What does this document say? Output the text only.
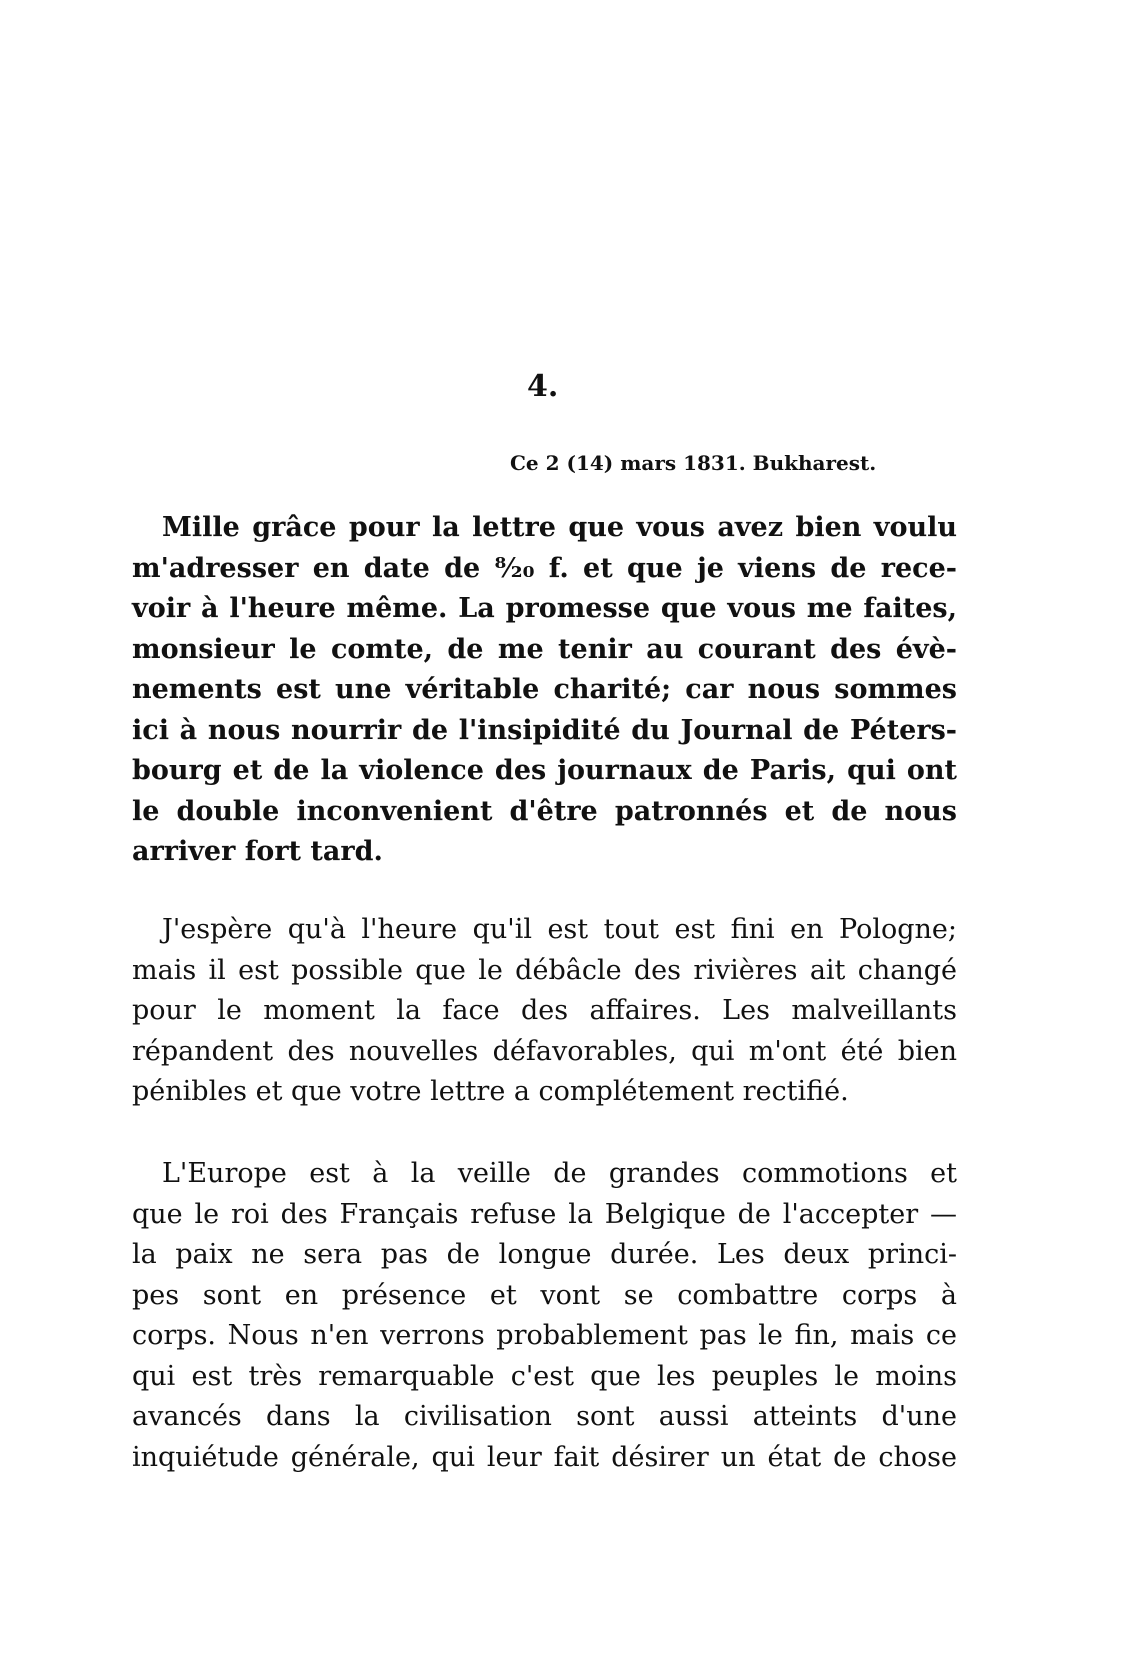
4.
Ce 2 (14) mars 1831. Bukharest.
Mille grâce pour la lettre que vous avez bien voulu
m'adresser en date de ⁸⁄₂₀ f. et que je viens de rece-
voir à l'heure même. La promesse que vous me faites,
monsieur le comte, de me tenir au courant des évè-
nements est une véritable charité; car nous sommes
ici à nous nourrir de l'insipidité du Journal de Péters-
bourg et de la violence des journaux de Paris, qui ont
le double inconvenient d'être patronnés et de nous
arriver fort tard.
J'espère qu'à l'heure qu'il est tout est fini en Pologne;
mais il est possible que le débâcle des rivières ait changé
pour le moment la face des affaires. Les malveillants
répandent des nouvelles défavorables, qui m'ont été bien
pénibles et que votre lettre a complétement rectifié.
L'Europe est à la veille de grandes commotions et
que le roi des Français refuse la Belgique de l'accepter —
la paix ne sera pas de longue durée. Les deux princi-
pes sont en présence et vont se combattre corps à
corps. Nous n'en verrons probablement pas le fin, mais ce
qui est très remarquable c'est que les peuples le moins
avancés dans la civilisation sont aussi atteints d'une
inquiétude générale, qui leur fait désirer un état de chose
